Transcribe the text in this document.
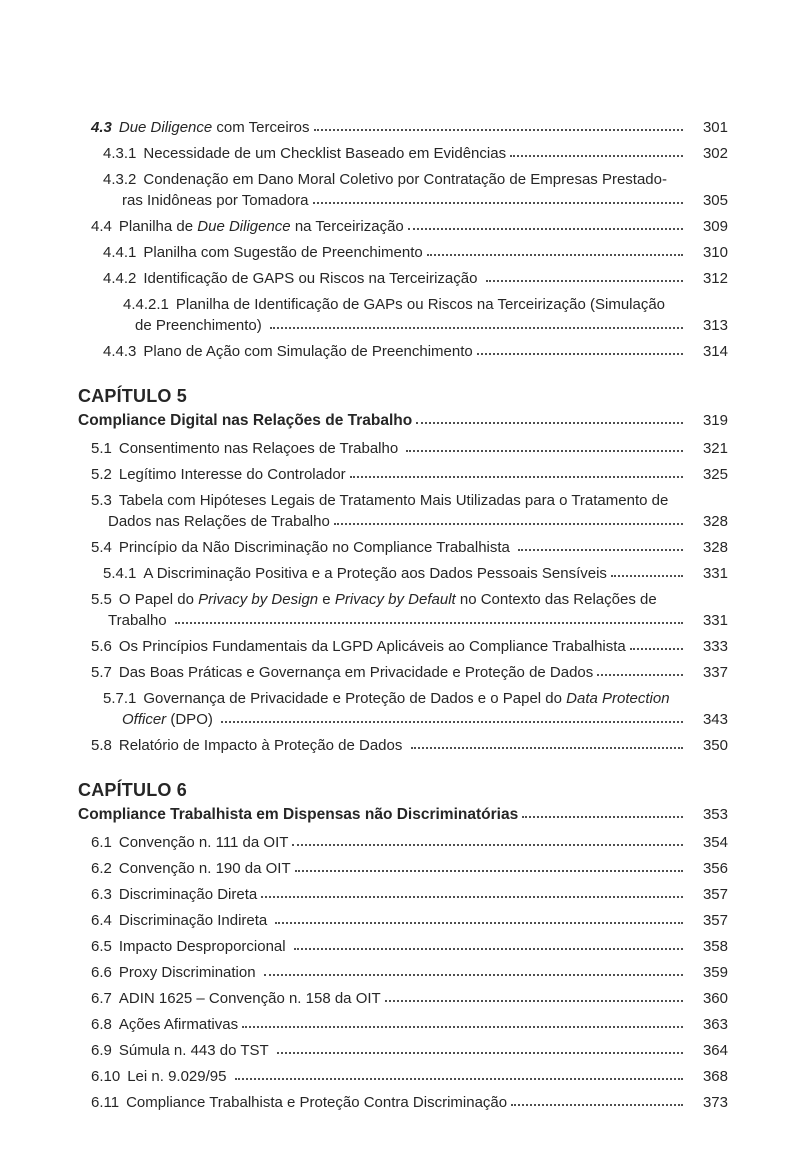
4.3 Due Diligence com Terceiros	301
4.3.1 Necessidade de um Checklist Baseado em Evidências	302
4.3.2 Condenação em Dano Moral Coletivo por Contratação de Empresas Prestado-
ras Inidôneas por Tomadora	305
4.4 Planilha de Due Diligence na Terceirização	309
4.4.1 Planilha com Sugestão de Preenchimento	310
4.4.2 Identificação de GAPS ou Riscos na Terceirização	312
4.4.2.1 Planilha de Identificação de GAPs ou Riscos na Terceirização (Simulação
de Preenchimento)	313
4.4.3 Plano de Ação com Simulação de Preenchimento	314
CAPÍTULO 5
Compliance Digital nas Relações de Trabalho	319
5.1 Consentimento nas Relaçoes de Trabalho	321
5.2 Legítimo Interesse do Controlador	325
5.3 Tabela com Hipóteses Legais de Tratamento Mais Utilizadas para o Tratamento de
Dados nas Relações de Trabalho	328
5.4 Princípio da Não Discriminação no Compliance Trabalhista	328
5.4.1 A Discriminação Positiva e a Proteção aos Dados Pessoais Sensíveis	331
5.5 O Papel do Privacy by Design e Privacy by Default no Contexto das Relações de
Trabalho	331
5.6 Os Princípios Fundamentais da LGPD Aplicáveis ao Compliance Trabalhista	333
5.7 Das Boas Práticas e Governança em Privacidade e Proteção de Dados	337
5.7.1 Governança de Privacidade e Proteção de Dados e o Papel do Data Protection
Officer (DPO)	343
5.8 Relatório de Impacto à Proteção de Dados	350
CAPÍTULO 6
Compliance Trabalhista em Dispensas não Discriminatórias	353
6.1 Convenção n. 111 da OIT	354
6.2 Convenção n. 190 da OIT	356
6.3 Discriminação Direta	357
6.4 Discriminação Indireta	357
6.5 Impacto Desproporcional	358
6.6 Proxy Discrimination	359
6.7 ADIN 1625 – Convenção n. 158 da OIT	360
6.8 Ações Afirmativas	363
6.9 Súmula n. 443 do TST	364
6.10 Lei n. 9.029/95	368
6.11 Compliance Trabalhista e Proteção Contra Discriminação	373
